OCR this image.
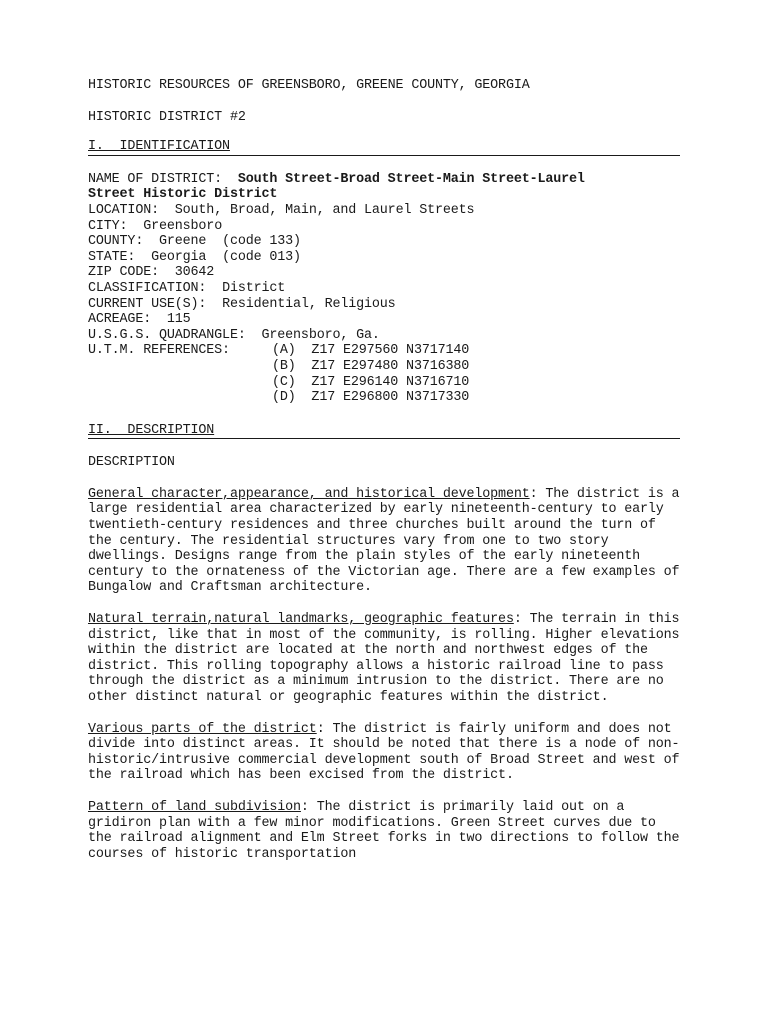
HISTORIC RESOURCES OF GREENSBORO, GREENE COUNTY, GEORGIA
HISTORIC DISTRICT #2
I.  IDENTIFICATION
NAME OF DISTRICT: South Street-Broad Street-Main Street-Laurel
Street Historic District
LOCATION: South, Broad, Main, and Laurel Streets
CITY: Greensboro
COUNTY: Greene  (code 133)
STATE: Georgia  (code 013)
ZIP CODE: 30642
CLASSIFICATION: District
CURRENT USE(S): Residential, Religious
ACREAGE: 115
U.S.G.S. QUADRANGLE: Greensboro, Ga.
U.T.M. REFERENCES:	(A)  Z17 E297560 N3717140
(B)  Z17 E297480 N3716380
(C)  Z17 E296140 N3716710
(D)  Z17 E296800 N3717330
II.  DESCRIPTION
DESCRIPTION

General character,appearance, and historical development: The district is a large residential area characterized by early nineteenth-century to early twentieth-century residences and three churches built around the turn of the century. The residential structures vary from one to two story dwellings. Designs range from the plain styles of the early nineteenth century to the ornateness of the Victorian age. There are a few examples of Bungalow and Craftsman architecture.

Natural terrain,natural landmarks, geographic features: The terrain in this district, like that in most of the community, is rolling. Higher elevations within the district are located at the north and northwest edges of the district. This rolling topography allows a historic railroad line to pass through the district as a minimum intrusion to the district. There are no other distinct natural or geographic features within the district.

Various parts of the district: The district is fairly uniform and does not divide into distinct areas. It should be noted that there is a node of non-historic/intrusive commercial development south of Broad Street and west of the railroad which has been excised from the district.

Pattern of land subdivision: The district is primarily laid out on a gridiron plan with a few minor modifications. Green Street curves due to the railroad alignment and Elm Street forks in two directions to follow the courses of historic transportation
